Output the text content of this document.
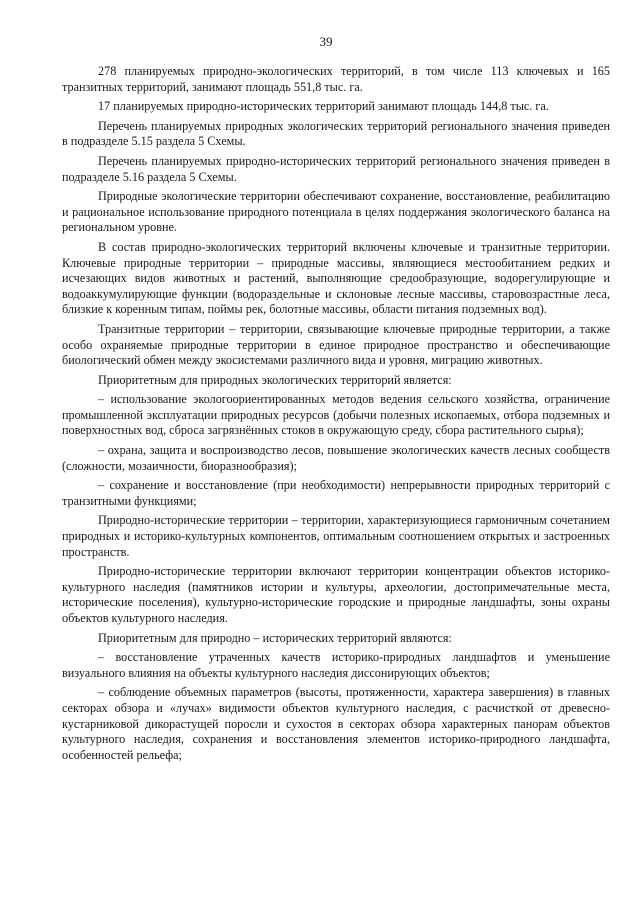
39

278 планируемых природно-экологических территорий, в том числе 113 ключевых и 165 транзитных территорий, занимают площадь 551,8 тыс. га.

17 планируемых природно-исторических территорий занимают площадь 144,8 тыс. га.

Перечень планируемых природных экологических территорий регионального значения приведен в подразделе 5.15 раздела 5 Схемы.

Перечень планируемых природно-исторических территорий регионального значения приведен в подразделе 5.16 раздела 5 Схемы.

Природные экологические территории обеспечивают сохранение, восстановление, реабилитацию и рациональное использование природного потенциала в целях поддержания экологического баланса на региональном уровне.

В состав природно-экологических территорий включены ключевые и транзитные территории. Ключевые природные территории – природные массивы, являющиеся местообитанием редких и исчезающих видов животных и растений, выполняющие средообразующие, водорегулирующие и водоаккумулирующие функции (водораздельные и склоновые лесные массивы, старовозрастные леса, близкие к коренным типам, поймы рек, болотные массивы, области питания подземных вод).

Транзитные территории – территории, связывающие ключевые природные территории, а также особо охраняемые природные территории в единое природное пространство и обеспечивающие биологический обмен между экосистемами различного вида и уровня, миграцию животных.

Приоритетным для природных экологических территорий является:

– использование экологоориентированных методов ведения сельского хозяйства, ограничение промышленной эксплуатации природных ресурсов (добычи полезных ископаемых, отбора подземных и поверхностных вод, сброса загрязнённых стоков в окружающую среду, сбора растительного сырья);

– охрана, защита и воспроизводство лесов, повышение экологических качеств лесных сообществ (сложности, мозаичности, биоразнообразия);

– сохранение и восстановление (при необходимости) непрерывности природных территорий с транзитными функциями;

Природно-исторические территории – территории, характеризующиеся гармоничным сочетанием природных и историко-культурных компонентов, оптимальным соотношением открытых и застроенных пространств.

Природно-исторические территории включают территории концентрации объектов историко-культурного наследия (памятников истории и культуры, археологии, достопримечательные места, исторические поселения), культурно-исторические городские и природные ландшафты, зоны охраны объектов культурного наследия.

Приоритетным для природно – исторических территорий являются:

– восстановление утраченных качеств историко-природных ландшафтов и уменьшение визуального влияния на объекты культурного наследия диссонирующих объектов;

– соблюдение объемных параметров (высоты, протяженности, характера завершения) в главных секторах обзора и «лучах» видимости объектов культурного наследия, с расчисткой от древесно-кустарниковой дикорастущей поросли и сухостоя в секторах обзора характерных панорам объектов культурного наследия, сохранения и восстановления элементов историко-природного ландшафта, особенностей рельефа;
